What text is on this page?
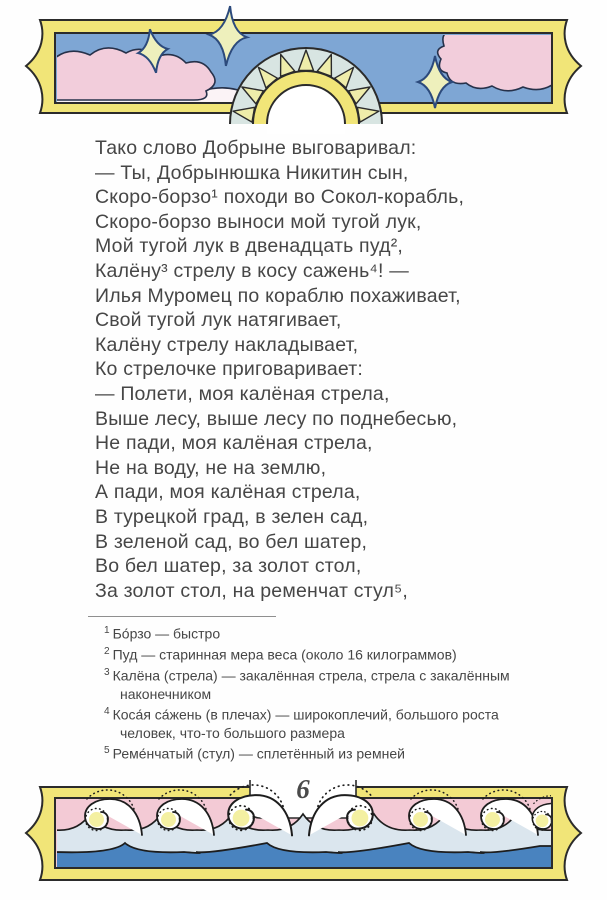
Тако слово Добрыне выговаривал:
— Ты, Добрынюшка Никитин сын,
Скоро-борзо¹ походи во Сокол-корабль,
Скоро-борзо выноси мой тугой лук,
Мой тугой лук в двенадцать пуд²,
Калёну³ стрелу в косу сажень⁴! —
Илья Муромец по кораблю похаживает,
Свой тугой лук натягивает,
Калёну стрелу накладывает,
Ко стрелочке приговаривает:
— Полети, моя калёная стрела,
Выше лесу, выше лесу по поднебесью,
Не пади, моя калёная стрела,
Не на воду, не на землю,
А пади, моя калёная стрела,
В турецкой град, в зелен сад,
В зеленой сад, во бел шатер,
Во бел шатер, за золот стол,
За золот стол, на ременчат стул⁵,
$^1$ Бо́рзо — быстро
$^2$ Пуд — старинная мера веса (около 16 килограммов)
$^3$ Калёна (стрела) — закалённая стрела, стрела с закалённым наконечником
$^4$ Коса́я са́жень (в плечах) — широкоплечий, большого роста человек, что-то большого размера
$^5$ Реме́нчатый (стул) — сплетённый из ремней
6
